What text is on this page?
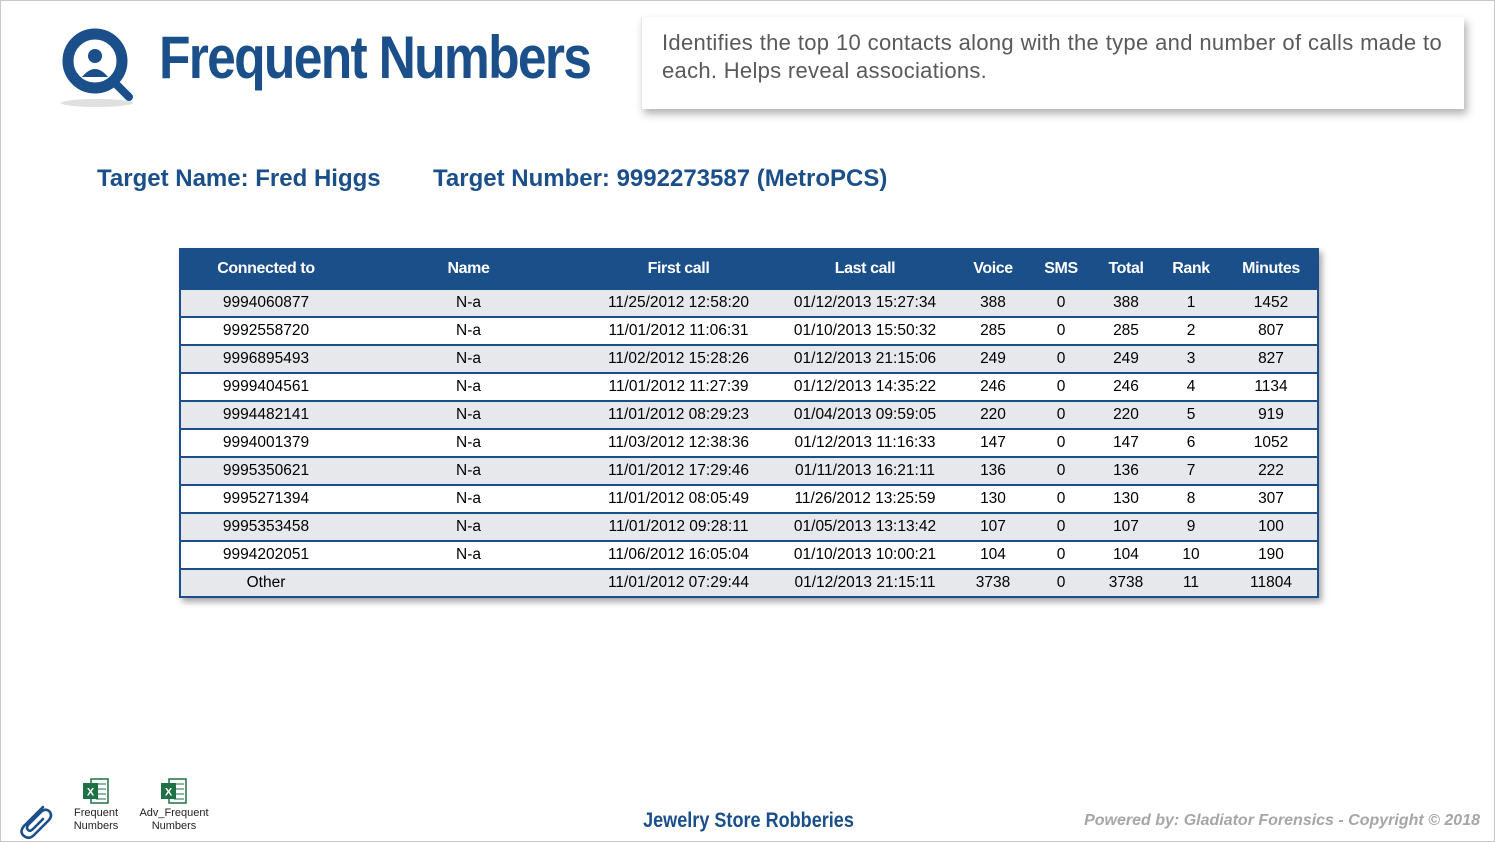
Frequent Numbers	Identifies the top 10 contacts along with the type and number of calls made to each. Helps reveal associations.
Target Name: Fred Higgs Target Number: 9992273587 (MetroPCS)
Connected to	Name	First call	Last call	Voice	SMS	Total	Rank	Minutes
9994060877	N-a	11/25/2012 12:58:20	01/12/2013 15:27:34	388	0	388	1	1452
9992558720	N-a	11/01/2012 11:06:31	01/10/2013 15:50:32	285	0	285	2	807
9996895493	N-a	11/02/2012 15:28:26	01/12/2013 21:15:06	249	0	249	3	827
9999404561	N-a	11/01/2012 11:27:39	01/12/2013 14:35:22	246	0	246	4	1134
9994482141	N-a	11/01/2012 08:29:23	01/04/2013 09:59:05	220	0	220	5	919
9994001379	N-a	11/03/2012 12:38:36	01/12/2013 11:16:33	147	0	147	6	1052
9995350621	N-a	11/01/2012 17:29:46	01/11/2013 16:21:11	136	0	136	7	222
9995271394	N-a	11/01/2012 08:05:49	11/26/2012 13:25:59	130	0	130	8	307
9995353458	N-a	11/01/2012 09:28:11	01/05/2013 13:13:42	107	0	107	9	100
9994202051	N-a	11/06/2012 16:05:04	01/10/2013 10:00:21	104	0	104	10	190
Other		11/01/2012 07:29:44	01/12/2013 21:15:11	3738	0	3738	11	11804
X
Frequent
Numbers
X
Adv_Frequent
Numbers	Jewelry Store Robberies	Powered by: Gladiator Forensics - Copyright © 2018
